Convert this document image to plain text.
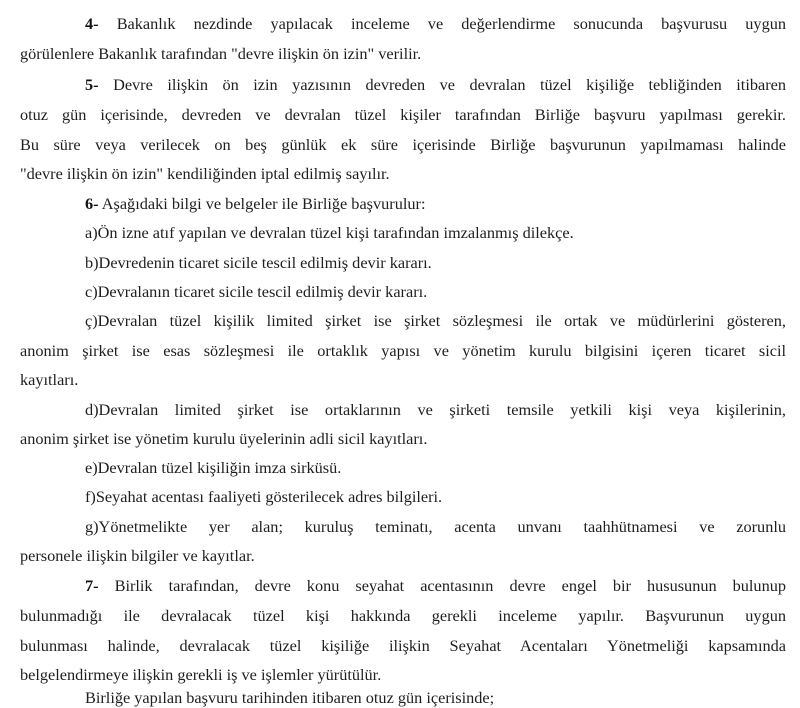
4- Bakanlık nezdinde yapılacak inceleme ve değerlendirme sonucunda başvurusu uygun
görülenlere Bakanlık tarafından "devre ilişkin ön izin" verilir.
5- Devre ilişkin ön izin yazısının devreden ve devralan tüzel kişiliğe tebliğinden itibaren
otuz gün içerisinde, devreden ve devralan tüzel kişiler tarafından Birliğe başvuru yapılması gerekir.
Bu süre veya verilecek on beş günlük ek süre içerisinde Birliğe başvurunun yapılmaması halinde
"devre ilişkin ön izin" kendiliğinden iptal edilmiş sayılır.
6- Aşağıdaki bilgi ve belgeler ile Birliğe başvurulur:
a)Ön izne atıf yapılan ve devralan tüzel kişi tarafından imzalanmış dilekçe.
b)Devredenin ticaret sicile tescil edilmiş devir kararı.
c)Devralanın ticaret sicile tescil edilmiş devir kararı.
ç)Devralan tüzel kişilik limited şirket ise şirket sözleşmesi ile ortak ve müdürlerini gösteren,
anonim şirket ise esas sözleşmesi ile ortaklık yapısı ve yönetim kurulu bilgisini içeren ticaret sicil
kayıtları.
d)Devralan limited şirket ise ortaklarının ve şirketi temsile yetkili kişi veya kişilerinin,
anonim şirket ise yönetim kurulu üyelerinin adli sicil kayıtları.
e)Devralan tüzel kişiliğin imza sirküsü.
f)Seyahat acentası faaliyeti gösterilecek adres bilgileri.
g)Yönetmelikte yer alan; kuruluş teminatı, acenta unvanı taahhütnamesi ve zorunlu
personele ilişkin bilgiler ve kayıtlar.
7- Birlik tarafından, devre konu seyahat acentasının devre engel bir hususunun bulunup
bulunmadığı ile devralacak tüzel kişi hakkında gerekli inceleme yapılır. Başvurunun uygun
bulunması halinde, devralacak tüzel kişiliğe ilişkin Seyahat Acentaları Yönetmeliği kapsamında
belgelendirmeye ilişkin gerekli iş ve işlemler yürütülür.
Birliğe yapılan başvuru tarihinden itibaren otuz gün içerisinde;
